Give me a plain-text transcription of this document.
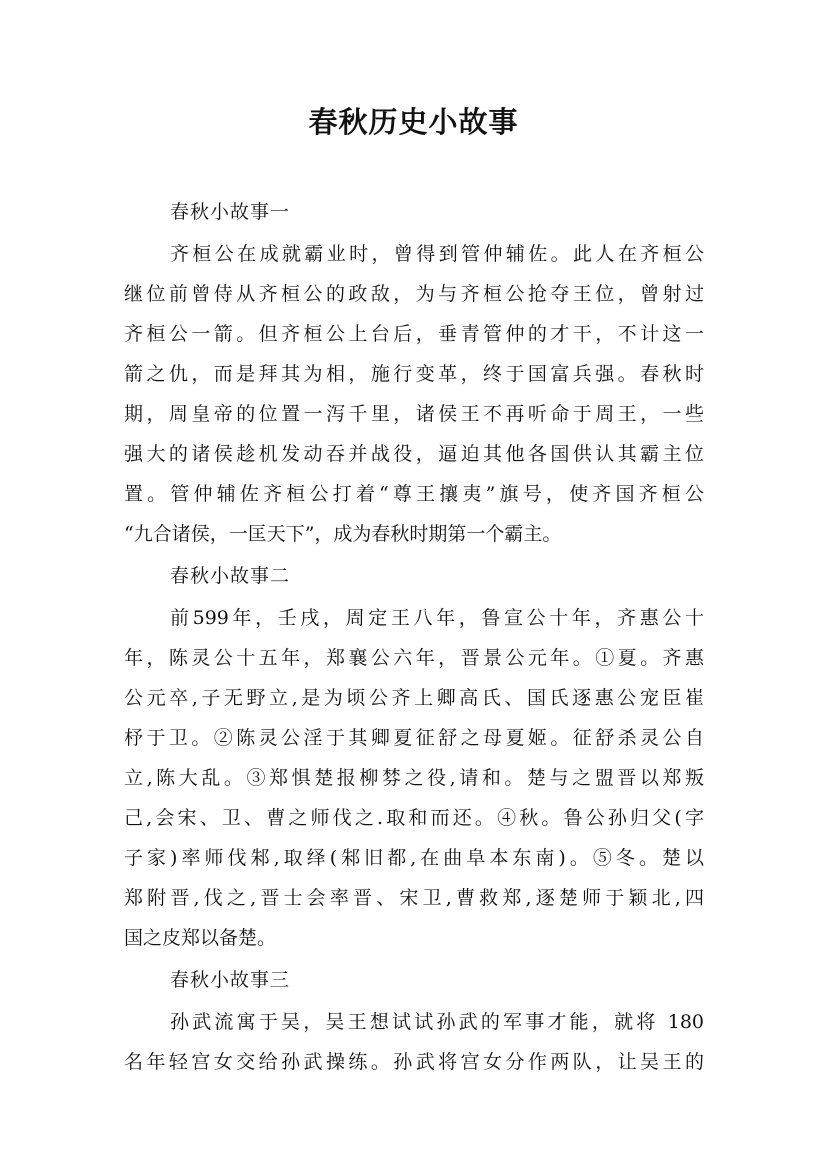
春秋历史小故事
春秋小故事一
齐桓公在成就霸业时，曾得到管仲辅佐。此人在齐桓公
继位前曾侍从齐桓公的政敌，为与齐桓公抢夺王位，曾射过
齐桓公一箭。但齐桓公上台后，垂青管仲的才干，不计这一
箭之仇，而是拜其为相，施行变革，终于国富兵强。春秋时
期，周皇帝的位置一泻千里，诸侯王不再听命于周王，一些
强大的诸侯趁机发动吞并战役，逼迫其他各国供认其霸主位
置。管仲辅佐齐桓公打着“尊王攘夷”旗号，使齐国齐桓公
“九合诸侯，一匡天下”，成为春秋时期第一个霸主。
春秋小故事二
前599年，壬戌，周定王八年，鲁宣公十年，齐惠公十
年，陈灵公十五年，郑襄公六年，晋景公元年。①夏。齐惠
公元卒,子无野立,是为顷公齐上卿高氏、国氏逐惠公宠臣崔
杼于卫。②陈灵公淫于其卿夏征舒之母夏姬。征舒杀灵公自
立,陈大乱。③郑惧楚报柳棼之役,请和。楚与之盟晋以郑叛
己,会宋、卫、曹之师伐之.取和而还。④秋。鲁公孙归父(字
子家)率师伐邾,取绎(邾旧都,在曲阜本东南)。⑤冬。楚以
郑附晋,伐之,晋士会率晋、宋卫,曹救郑,逐楚师于颖北,四
国之皮郑以备楚。
春秋小故事三
孙武流寓于吴，吴王想试试孙武的军事才能，就将 180
名年轻宫女交给孙武操练。孙武将宫女分作两队，让吴王的
